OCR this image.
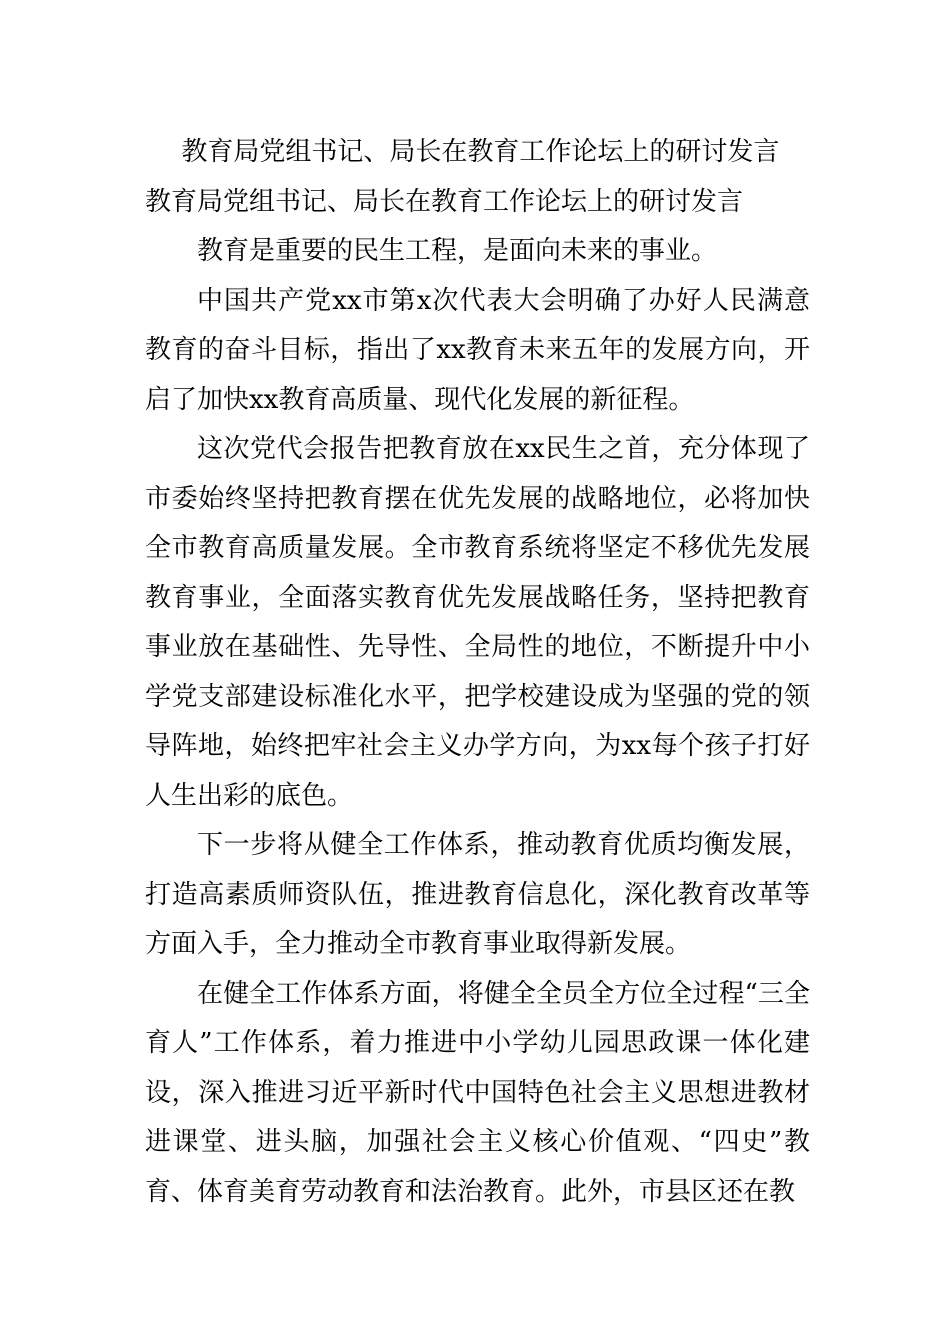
教育局党组书记、局长在教育工作论坛上的研讨发言

教育局党组书记、局长在教育工作论坛上的研讨发言

教育是重要的民生工程，是面向未来的事业。

中国共产党xx市第x次代表大会明确了办好人民满意教育的奋斗目标，指出了xx教育未来五年的发展方向，开启了加快xx教育高质量、现代化发展的新征程。

这次党代会报告把教育放在xx民生之首，充分体现了市委始终坚持把教育摆在优先发展的战略地位，必将加快全市教育高质量发展。全市教育系统将坚定不移优先发展教育事业，全面落实教育优先发展战略任务，坚持把教育事业放在基础性、先导性、全局性的地位，不断提升中小学党支部建设标准化水平，把学校建设成为坚强的党的领导阵地，始终把牢社会主义办学方向，为xx每个孩子打好人生出彩的底色。

下一步将从健全工作体系，推动教育优质均衡发展，打造高素质师资队伍，推进教育信息化，深化教育改革等方面入手，全力推动全市教育事业取得新发展。

在健全工作体系方面，将健全全员全方位全过程“三全育人”工作体系，着力推进中小学幼儿园思政课一体化建设，深入推进习近平新时代中国特色社会主义思想进教材进课堂、进头脑，加强社会主义核心价值观、“四史”教育、体育美育劳动教育和法治教育。此外，市县区还在教
